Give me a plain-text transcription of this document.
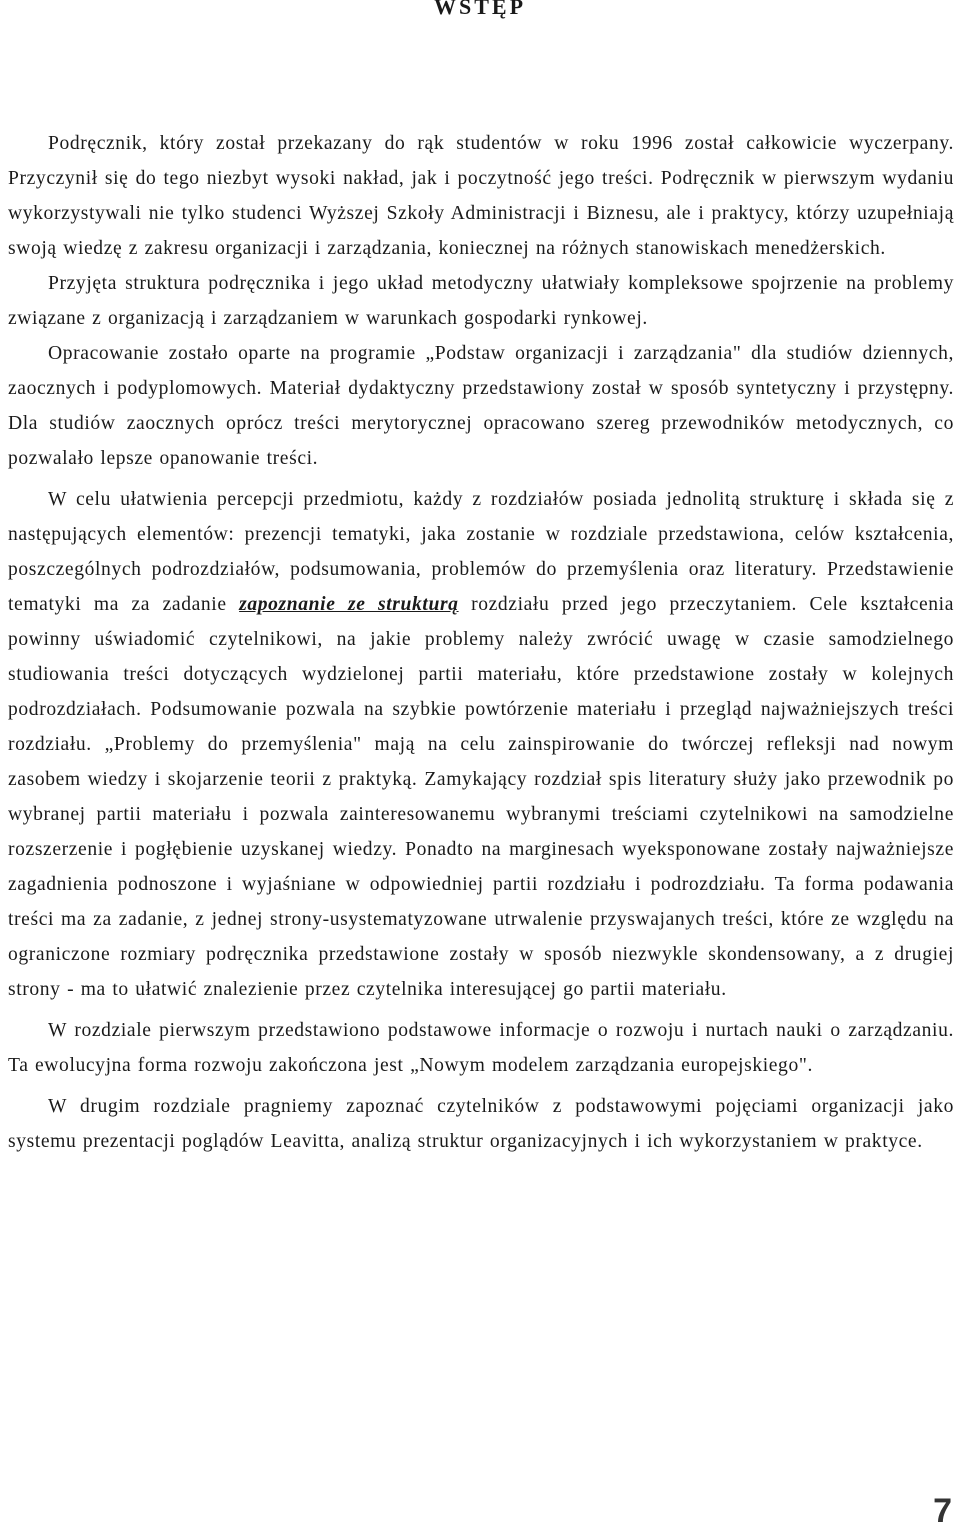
WSTĘP

Podręcznik, który został przekazany do rąk studentów w roku 1996 został całkowicie wyczerpany. Przyczynił się do tego niezbyt wysoki nakład, jak i poczytność jego treści. Podręcznik w pierwszym wydaniu wykorzystywali nie tylko studenci Wyższej Szkoły Administracji i Biznesu, ale i praktycy, którzy uzupełniają swoją wiedzę z zakresu organizacji i zarządzania, koniecznej na różnych stanowiskach menedżerskich.

Przyjęta struktura podręcznika i jego układ metodyczny ułatwiały kompleksowe spojrzenie na problemy związane z organizacją i zarządzaniem w warunkach gospodarki rynkowej.

Opracowanie zostało oparte na programie „Podstaw organizacji i zarządzania" dla studiów dziennych, zaocznych i podyplomowych. Materiał dydaktyczny przedstawiony został w sposób syntetyczny i przystępny. Dla studiów zaocznych oprócz treści merytorycznej opracowano szereg przewodników metodycznych, co pozwalało lepsze opanowanie treści.

W celu ułatwienia percepcji przedmiotu, każdy z rozdziałów posiada jednolitą strukturę i składa się z następujących elementów: prezencji tematyki, jaka zostanie w rozdziale przedstawiona, celów kształcenia, poszczególnych podrozdziałów, podsumowania, problemów do przemyślenia oraz literatury. Przedstawienie tematyki ma za zadanie zapoznanie ze strukturą rozdziału przed jego przeczytaniem. Cele kształcenia powinny uświadomić czytelnikowi, na jakie problemy należy zwrócić uwagę w czasie samodzielnego studiowania treści dotyczących wydzielonej partii materiału, które przedstawione zostały w kolejnych podrozdziałach. Podsumowanie pozwala na szybkie powtórzenie materiału i przegląd najważniejszych treści rozdziału. „Problemy do przemyślenia" mają na celu zainspirowanie do twórczej refleksji nad nowym zasobem wiedzy i skojarzenie teorii z praktyką. Zamykający rozdział spis literatury służy jako przewodnik po wybranej partii materiału i pozwala zainteresowanemu wybranymi treściami czytelnikowi na samodzielne rozszerzenie i pogłębienie uzyskanej wiedzy. Ponadto na marginesach wyeksponowane zostały najważniejsze zagadnienia podnoszone i wyjaśniane w odpowiedniej partii rozdziału i podrozdziału. Ta forma podawania treści ma za zadanie, z jednej strony-usystematyzowane utrwalenie przyswajanych treści, które ze względu na ograniczone rozmiary podręcznika przedstawione zostały w sposób niezwykle skondensowany, a z drugiej strony - ma to ułatwić znalezienie przez czytelnika interesującej go partii materiału.

W rozdziale pierwszym przedstawiono podstawowe informacje o rozwoju i nurtach nauki o zarządzaniu. Ta ewolucyjna forma rozwoju zakończona jest „Nowym modelem zarządzania europejskiego".

W drugim rozdziale pragniemy zapoznać czytelników z podstawowymi pojęciami organizacji jako systemu prezentacji poglądów Leavitta, analizą struktur organizacyjnych i ich wykorzystaniem w praktyce.

7
